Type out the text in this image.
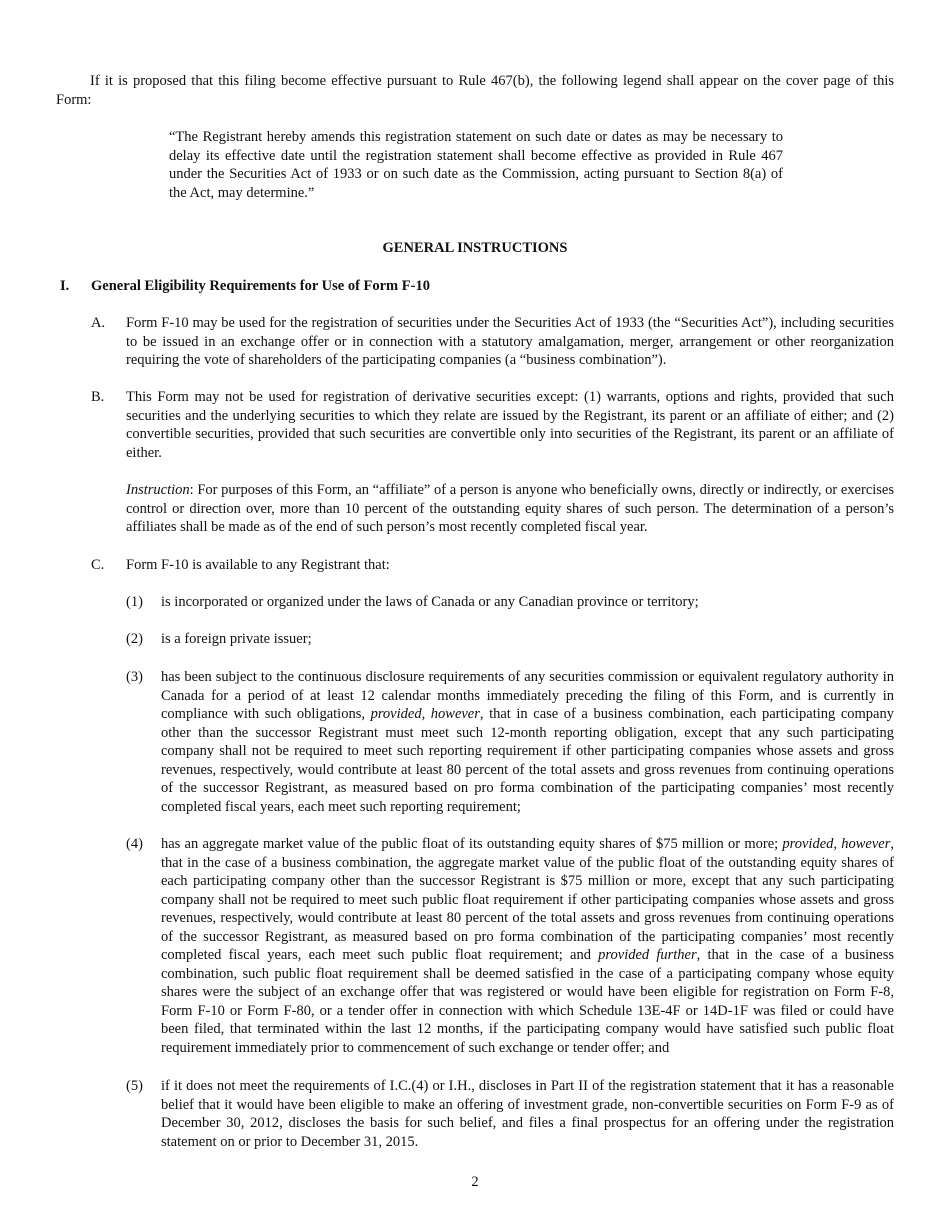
If it is proposed that this filing become effective pursuant to Rule 467(b), the following legend shall appear on the cover page of this Form:

“The Registrant hereby amends this registration statement on such date or dates as may be necessary to delay its effective date until the registration statement shall become effective as provided in Rule 467 under the Securities Act of 1933 or on such date as the Commission, acting pursuant to Section 8(a) of the Act, may determine.”

GENERAL INSTRUCTIONS
I. General Eligibility Requirements for Use of Form F-10
A. Form F-10 may be used for the registration of securities under the Securities Act of 1933 (the “Securities Act”), including securities to be issued in an exchange offer or in connection with a statutory amalgamation, merger, arrangement or other reorganization requiring the vote of shareholders of the participating companies (a “business combination”).

B. This Form may not be used for registration of derivative securities except: (1) warrants, options and rights, provided that such securities and the underlying securities to which they relate are issued by the Registrant, its parent or an affiliate of either; and (2) convertible securities, provided that such securities are convertible only into securities of the Registrant, its parent or an affiliate of either.

Instruction: For purposes of this Form, an “affiliate” of a person is anyone who beneficially owns, directly or indirectly, or exercises control or direction over, more than 10 percent of the outstanding equity shares of such person. The determination of a person’s affiliates shall be made as of the end of such person’s most recently completed fiscal year.

C. Form F-10 is available to any Registrant that:

(1) is incorporated or organized under the laws of Canada or any Canadian province or territory;

(2) is a foreign private issuer;

(3) has been subject to the continuous disclosure requirements of any securities commission or equivalent regulatory authority in Canada for a period of at least 12 calendar months immediately preceding the filing of this Form, and is currently in compliance with such obligations, provided, however, that in case of a business combination, each participating company other than the successor Registrant must meet such 12-month reporting obligation, except that any such participating company shall not be required to meet such reporting requirement if other participating companies whose assets and gross revenues, respectively, would contribute at least 80 percent of the total assets and gross revenues from continuing operations of the successor Registrant, as measured based on pro forma combination of the participating companies’ most recently completed fiscal years, each meet such reporting requirement;

(4) has an aggregate market value of the public float of its outstanding equity shares of $75 million or more; provided, however, that in the case of a business combination, the aggregate market value of the public float of the outstanding equity shares of each participating company other than the successor Registrant is $75 million or more, except that any such participating company shall not be required to meet such public float requirement if other participating companies whose assets and gross revenues, respectively, would contribute at least 80 percent of the total assets and gross revenues from continuing operations of the successor Registrant, as measured based on pro forma combination of the participating companies’ most recently completed fiscal years, each meet such public float requirement; and provided further, that in the case of a business combination, such public float requirement shall be deemed satisfied in the case of a participating company whose equity shares were the subject of an exchange offer that was registered or would have been eligible for registration on Form F-8, Form F-10 or Form F-80, or a tender offer in connection with which Schedule 13E-4F or 14D-1F was filed or could have been filed, that terminated within the last 12 months, if the participating company would have satisfied such public float requirement immediately prior to commencement of such exchange or tender offer; and

(5) if it does not meet the requirements of I.C.(4) or I.H., discloses in Part II of the registration statement that it has a reasonable belief that it would have been eligible to make an offering of investment grade, non-convertible securities on Form F-9 as of December 30, 2012, discloses the basis for such belief, and files a final prospectus for an offering under the registration statement on or prior to December 31, 2015.

2
